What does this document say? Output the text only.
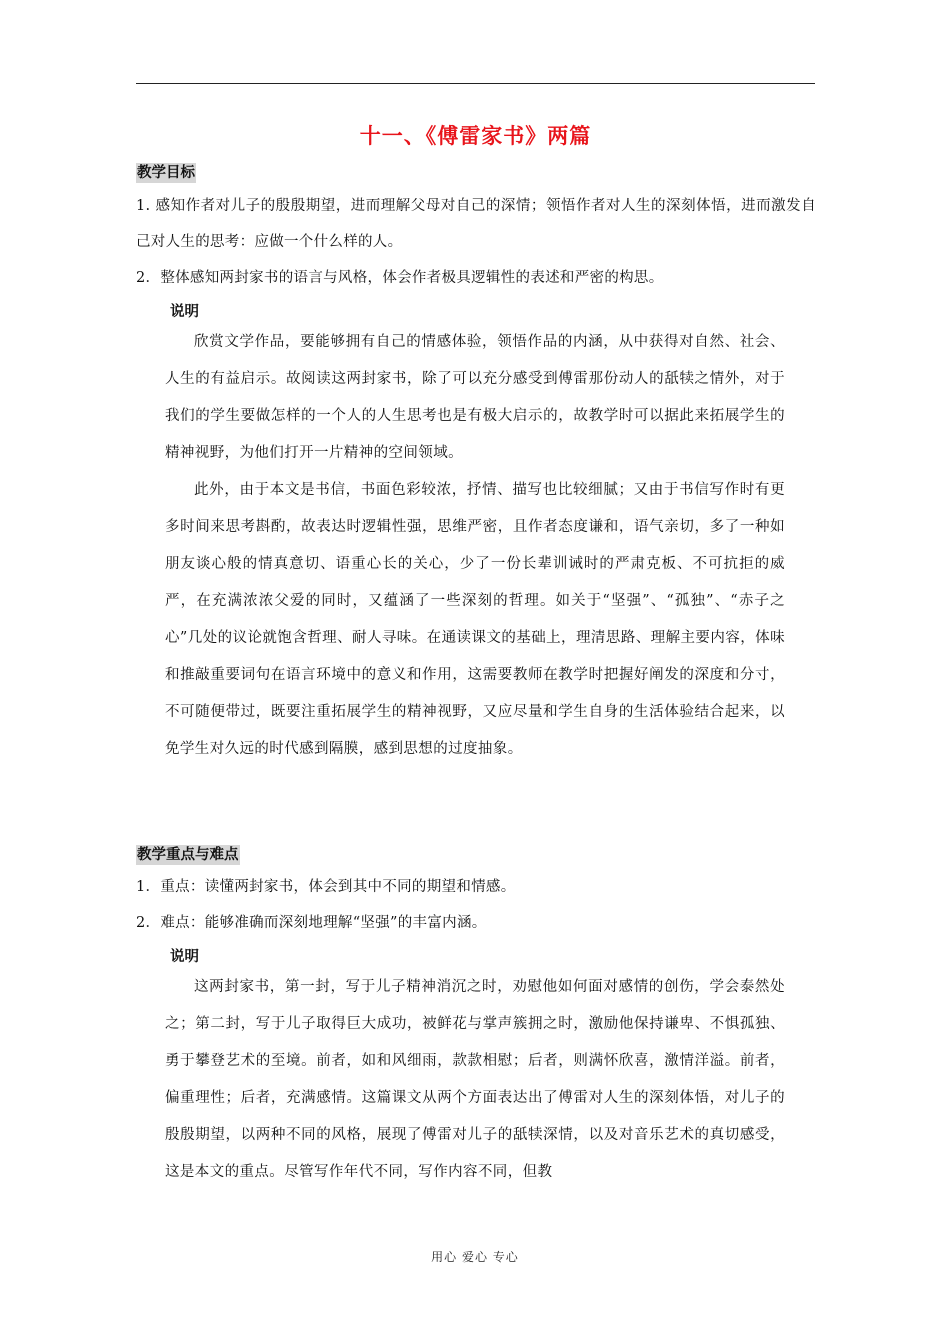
十一、《傅雷家书》两篇
教学目标

1. 感知作者对儿子的殷殷期望，进而理解父母对自己的深情；领悟作者对人生的深刻体悟，进而激发自己对人生的思考：应做一个什么样的人。

2．整体感知两封家书的语言与风格，体会作者极具逻辑性的表述和严密的构思。

说明

欣赏文学作品，要能够拥有自己的情感体验，领悟作品的内涵，从中获得对自然、社会、人生的有益启示。故阅读这两封家书，除了可以充分感受到傅雷那份动人的舐犊之情外，对于我们的学生要做怎样的一个人的人生思考也是有极大启示的，故教学时可以据此来拓展学生的精神视野，为他们打开一片精神的空间领域。

此外，由于本文是书信，书面色彩较浓，抒情、描写也比较细腻；又由于书信写作时有更多时间来思考斟酌，故表达时逻辑性强，思维严密，且作者态度谦和，语气亲切，多了一种如朋友谈心般的情真意切、语重心长的关心，少了一份长辈训诫时的严肃克板、不可抗拒的威严，在充满浓浓父爱的同时，又蕴涵了一些深刻的哲理。如关于“坚强”、“孤独”、“赤子之心”几处的议论就饱含哲理、耐人寻味。在通读课文的基础上，理清思路、理解主要内容，体味和推敲重要词句在语言环境中的意义和作用，这需要教师在教学时把握好阐发的深度和分寸，不可随便带过，既要注重拓展学生的精神视野，又应尽量和学生自身的生活体验结合起来，以免学生对久远的时代感到隔膜，感到思想的过度抽象。

教学重点与难点

1．重点：读懂两封家书，体会到其中不同的期望和情感。

2．难点：能够准确而深刻地理解“坚强”的丰富内涵。

说明

这两封家书，第一封，写于儿子精神消沉之时，劝慰他如何面对感情的创伤，学会泰然处之；第二封，写于儿子取得巨大成功，被鲜花与掌声簇拥之时，激励他保持谦卑、不惧孤独、勇于攀登艺术的至境。前者，如和风细雨，款款相慰；后者，则满怀欣喜，激情洋溢。前者，偏重理性；后者，充满感情。这篇课文从两个方面表达出了傅雷对人生的深刻体悟，对儿子的殷殷期望，以两种不同的风格，展现了傅雷对儿子的舐犊深情，以及对音乐艺术的真切感受，这是本文的重点。尽管写作年代不同，写作内容不同，但教

用心 爱心 专心
